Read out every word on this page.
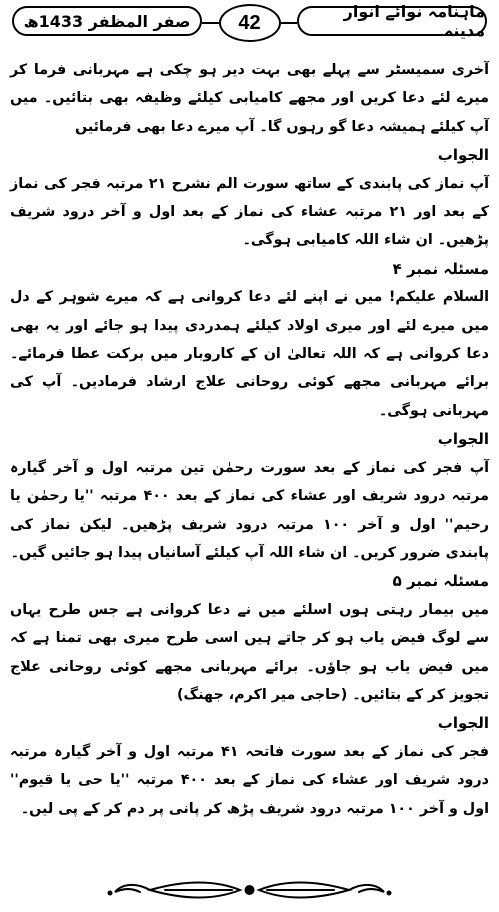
صفر المظفر 1433ھ	42	ماہنامہ نوائے انوار مدینہ

آخری سمیسٹر سے پہلے بھی بہت دیر ہو چکی ہے مہربانی فرما کر میرے لئے دعا کریں اور مجھے کامیابی کیلئے وظیفہ بھی بتائیں۔ میں آپ کیلئے ہمیشہ دعا گو رہوں گا۔ آپ میرے دعا بھی فرمائیں

الجواب

آپ نماز کی پابندی کے ساتھ سورت الم نشرح ۲۱ مرتبہ فجر کی نماز کے بعد اور ۲۱ مرتبہ عشاء کی نماز کے بعد اول و آخر درود شریف پڑھیں۔ ان شاء اللہ کامیابی ہوگی۔

مسئلہ نمبر ۴

السلام علیکم! میں نے اپنے لئے دعا کروانی ہے کہ میرے شوہر کے دل میں میرے لئے اور میری اولاد کیلئے ہمدردی پیدا ہو جائے اور یہ بھی دعا کروانی ہے کہ اللہ تعالیٰ ان کے کاروبار میں برکت عطا فرمائے۔ برائے مہربانی مجھے کوئی روحانی علاج ارشاد فرمادیں۔ آپ کی مہربانی ہوگی۔

الجواب

آپ فجر کی نماز کے بعد سورت رحمٰن تین مرتبہ اول و آخر گیارہ مرتبہ درود شریف اور عشاء کی نماز کے بعد ۴۰۰ مرتبہ ''یا رحمٰن یا رحیم'' اول و آخر ۱۰۰ مرتبہ درود شریف پڑھیں۔ لیکن نماز کی پابندی ضرور کریں۔ ان شاء اللہ آپ کیلئے آسانیاں پیدا ہو جائیں گیں۔

مسئلہ نمبر ۵

میں بیمار رہتی ہوں اسلئے میں نے دعا کروانی ہے جس طرح یہاں سے لوگ فیض یاب ہو کر جاتے ہیں اسی طرح میری بھی تمنا ہے کہ میں فیض یاب ہو جاؤں۔ برائے مہربانی مجھے کوئی روحانی علاج تجویز کر کے بتائیں۔ (حاجی میر اکرم، جھنگ)

الجواب

فجر کی نماز کے بعد سورت فاتحہ ۴۱ مرتبہ اول و آخر گیارہ مرتبہ درود شریف اور عشاء کی نماز کے بعد ۴۰۰ مرتبہ ''یا حی یا قیوم'' اول و آخر ۱۰۰ مرتبہ درود شریف پڑھ کر پانی پر دم کر کے پی لیں۔
